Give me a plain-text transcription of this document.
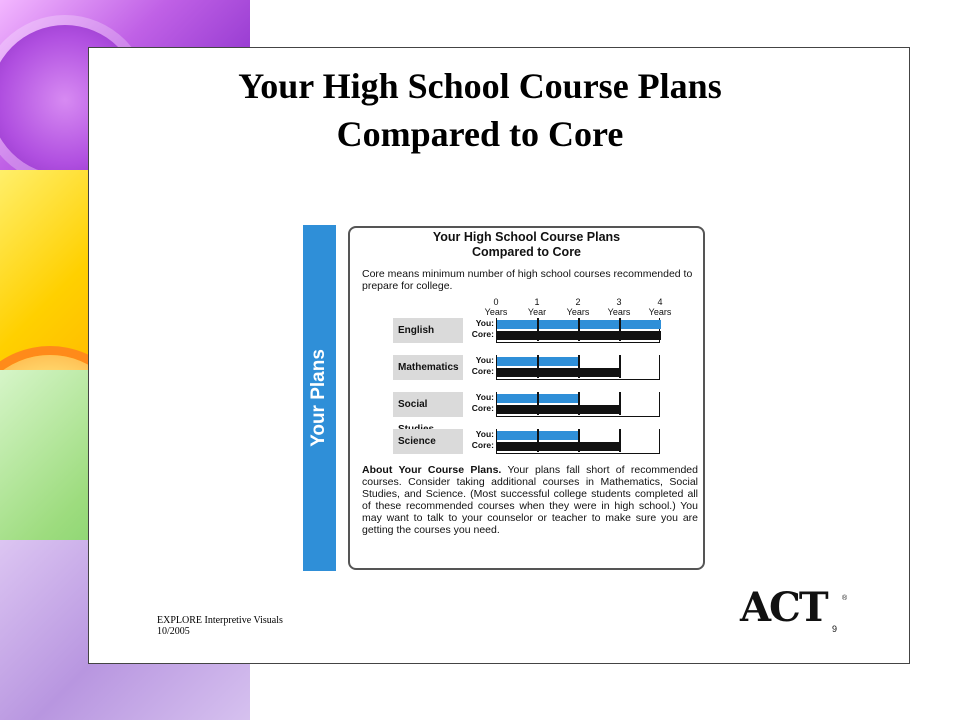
Your High School Course Plans
Compared to Core
Your Plans
Your High School Course Plans
Compared to Core
Core means minimum number of high school courses recommended to prepare for college.
0
Years
1
Year
2
Years
3
Years
4
Years
English
You:
Core:
Mathematics
You:
Core:
Social
You:
Core:
Science
You:
Core:
About Your Course Plans. Your plans fall short of recommended courses. Consider taking additional courses in Mathematics, Social Studies, and Science. (Most successful college students completed all of these recommended courses when they were in high school.) You may want to talk to your counselor or teacher to make sure you are getting the courses you need.
EXPLORE Interpretive Visuals
10/2005
ACT ®
9
